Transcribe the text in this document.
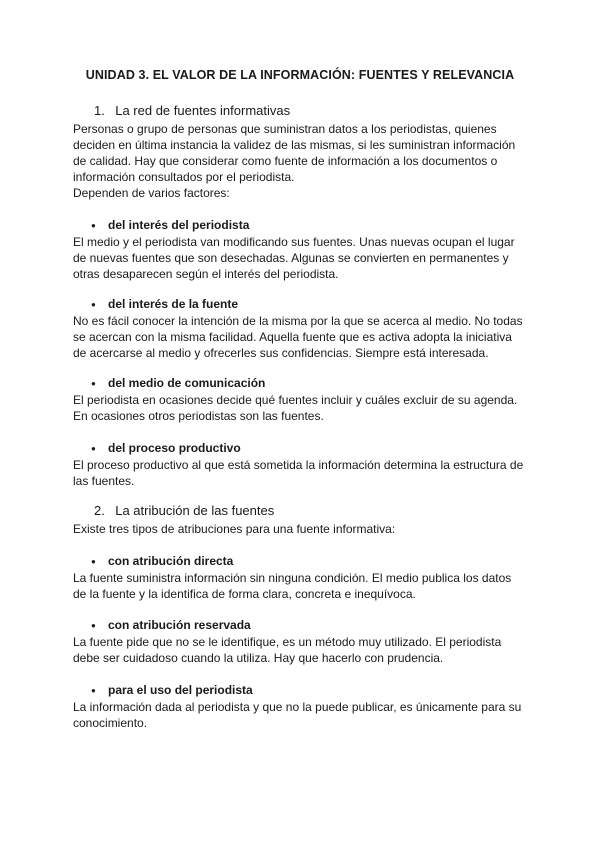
UNIDAD 3. EL VALOR DE LA INFORMACIÓN: FUENTES Y RELEVANCIA
1. La red de fuentes informativas
Personas o grupo de personas que suministran datos a los periodistas, quienes
deciden en última instancia la validez de las mismas, si les suministran información
de calidad. Hay que considerar como fuente de información a los documentos o
información consultados por el periodista.
Dependen de varios factores:
● del interés del periodista
El medio y el periodista van modificando sus fuentes. Unas nuevas ocupan el lugar
de nuevas fuentes que son desechadas. Algunas se convierten en permanentes y
otras desaparecen según el interés del periodista.
● del interés de la fuente
No es fácil conocer la intención de la misma por la que se acerca al medio. No todas
se acercan con la misma facilidad. Aquella fuente que es activa adopta la iniciativa
de acercarse al medio y ofrecerles sus confidencias. Siempre está interesada.
● del medio de comunicación
El periodista en ocasiones decide qué fuentes incluir y cuáles excluir de su agenda.
En ocasiones otros periodistas son las fuentes.
● del proceso productivo
El proceso productivo al que está sometida la información determina la estructura de
las fuentes.
2. La atribución de las fuentes
Existe tres tipos de atribuciones para una fuente informativa:
● con atribución directa
La fuente suministra información sin ninguna condición. El medio publica los datos
de la fuente y la identifica de forma clara, concreta e inequívoca.
● con atribución reservada
La fuente pide que no se le identifique, es un método muy utilizado. El periodista
debe ser cuidadoso cuando la utiliza. Hay que hacerlo con prudencia.
● para el uso del periodista
La información dada al periodista y que no la puede publicar, es únicamente para su
conocimiento.
